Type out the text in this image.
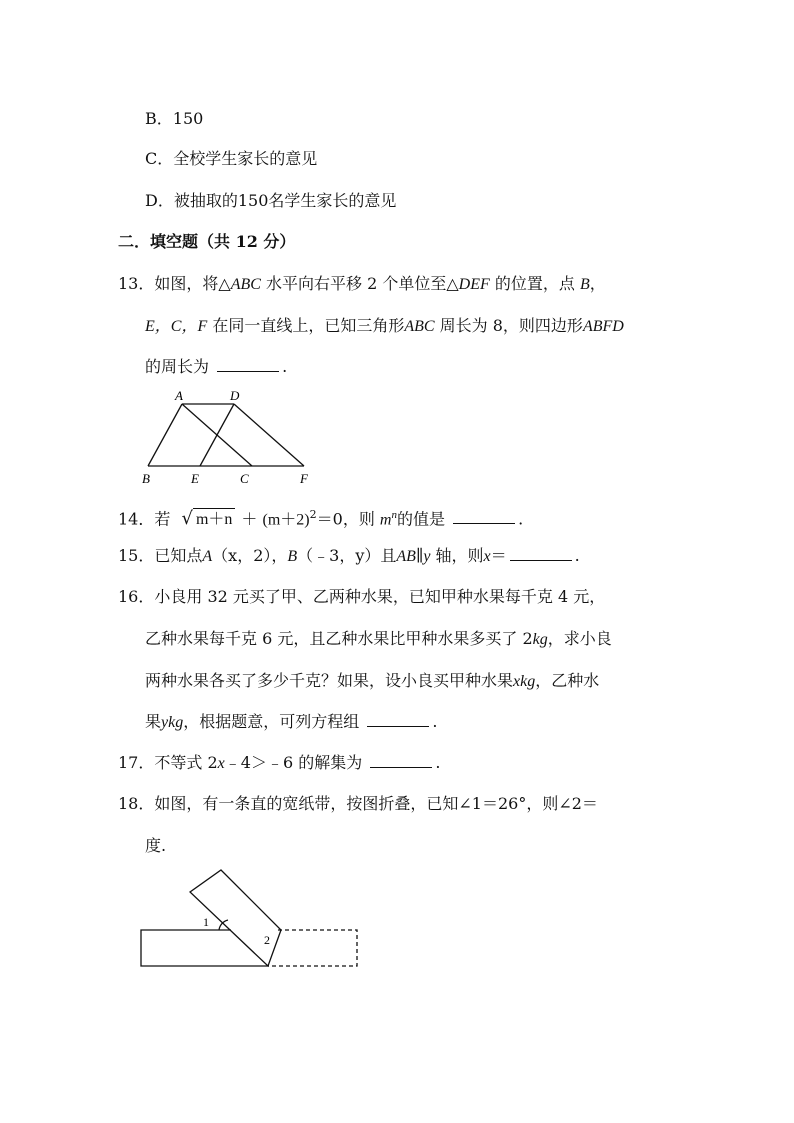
B．150
C．全校学生家长的意见
D．被抽取的150名学生家长的意见
二．填空题（共 12 分）
13．如图，将△ABC 水平向右平移 2 个单位至△DEF 的位置，点 B，
E，C，F 在同一直线上，已知三角形ABC 周长为 8，则四边形ABFD
的周长为	.
A	D
B	E	C	F
14．若 √ $m+n + (m+2)^2=0$，则 $m^n$的值是	.
15．已知点A（x，2），B（﹣3，y）且AB∥y 轴，则x＝	.
16．小良用 32 元买了甲、乙两种水果，已知甲种水果每千克 4 元，
乙种水果每千克 6 元，且乙种水果比甲种水果多买了 2kg，求小良
两种水果各买了多少千克？如果，设小良买甲种水果xkg，乙种水
果ykg，根据题意，可列方程组	.
17．不等式 2x﹣4＞﹣6 的解集为	.
18．如图，有一条直的宽纸带，按图折叠，已知∠1＝26°，则∠2＝
度.
1
2
